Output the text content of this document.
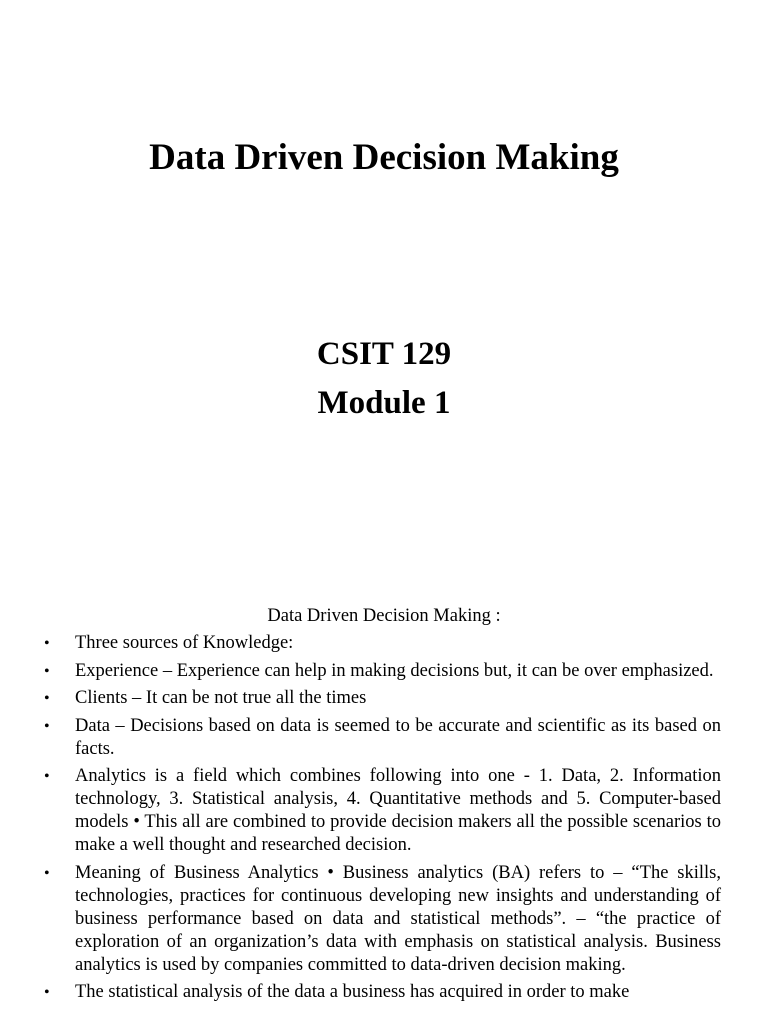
Data Driven Decision Making
CSIT 129
Module 1
Data Driven Decision Making :
• Three sources of Knowledge:
• Experience – Experience can help in making decisions but, it can be over emphasized.
• Clients – It can be not true all the times
• Data – Decisions based on data is seemed to be accurate and scientific as its based on facts.
• Analytics is a field which combines following into one - 1. Data, 2. Information technology, 3. Statistical analysis, 4. Quantitative methods and 5. Computer-based models • This all are combined to provide decision makers all the possible scenarios to make a well thought and researched decision.
• Meaning of Business Analytics • Business analytics (BA) refers to – “The skills, technologies, practices for continuous developing new insights and understanding of business performance based on data and statistical methods”. – “the practice of exploration of an organization’s data with emphasis on statistical analysis. Business analytics is used by companies committed to data-driven decision making.
• The statistical analysis of the data a business has acquired in order to make
